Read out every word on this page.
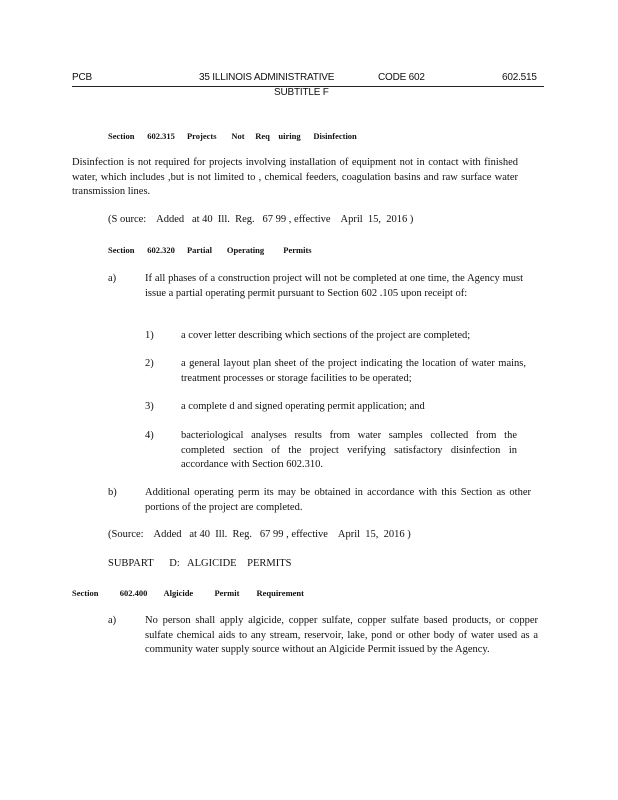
PCB	35 ILLINOIS ADMINISTRATIVE	CODE 602	602.515
SUBTITLE F
Section      602.315 Projects       Not     Req    uiring      Disinfection
Disinfection is not required for projects involving installation of equipment not in contact with finished water, which includes ,but is not limited to , chemical feeders, coagulation basins and raw surface water transmission lines.
(S ource:    Added   at 40  Ill.  Reg.   67 99 , effective    April  15,  2016 )
Section      602.320 Partial       Operating         Permits
a)	If all phases of a construction project will not be completed at one time, the Agency must issue a partial operating permit pursuant to Section 602 .105 upon receipt of:
1)	a cover letter describing which sections of the project are completed;
2)	a general layout plan sheet of the project indicating the location of water mains, treatment processes or storage facilities to be operated;
3)	a complete d and signed operating permit application; and
4)	bacteriological analyses results from water samples collected from the completed section of the project verifying satisfactory disinfection in accordance with Section 602.310.
b)	Additional operating perm its may be obtained in accordance with this Section as other portions of the project are completed.
(Source:    Added   at 40  Ill.  Reg.   67 99 , effective    April  15,  2016 )
SUBPART      D:   ALGICIDE    PERMITS
Section          602.400 Algicide          Permit        Requirement
a)	No person shall apply algicide, copper sulfate, copper sulfate based products, or copper sulfate chemical aids to any stream, reservoir, lake, pond or other body of water used as a community water supply source without an Algicide Permit issued by the Agency.
